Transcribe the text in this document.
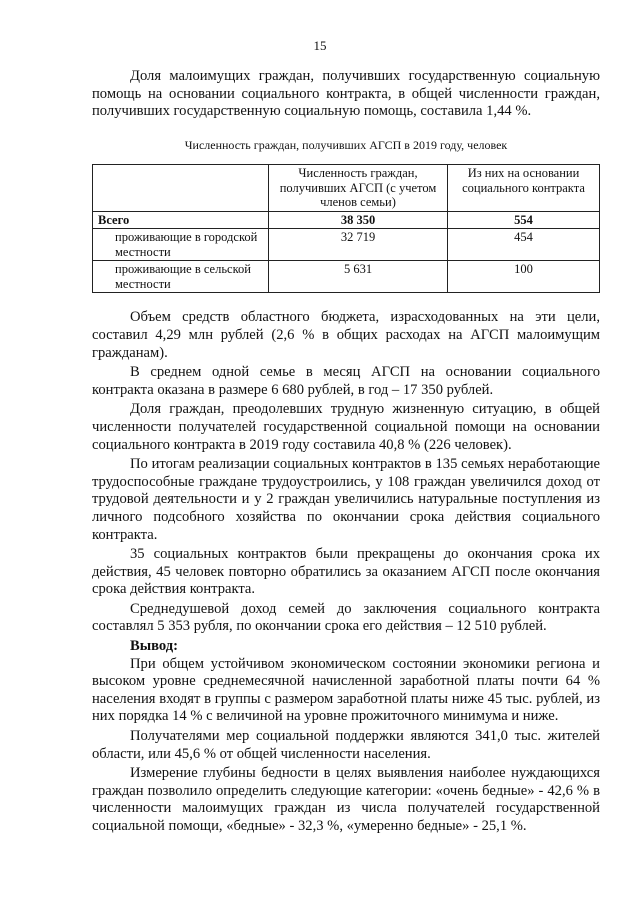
15

Доля малоимущих граждан, получивших государственную социальную помощь на основании социального контракта, в общей численности граждан, получивших государственную социальную помощь, составила 1,44 %.

Численность граждан, получивших АГСП в 2019 году, человек
	Численность граждан, получивших АГСП (с учетом членов семьи)	Из них на основании социального контракта
Всего	38 350	554
проживающие в городской местности	32 719	454
проживающие в сельской местности	5 631	100

Объем средств областного бюджета, израсходованных на эти цели, составил 4,29 млн рублей (2,6 % в общих расходах на АГСП малоимущим гражданам).

В среднем одной семье в месяц АГСП на основании социального контракта оказана в размере 6 680 рублей, в год – 17 350 рублей.

Доля граждан, преодолевших трудную жизненную ситуацию, в общей численности получателей государственной социальной помощи на основании социального контракта в 2019 году составила 40,8 % (226 человек).

По итогам реализации социальных контрактов в 135 семьях неработающие трудоспособные граждане трудоустроились, у 108 граждан увеличился доход от трудовой деятельности и у 2 граждан увеличились натуральные поступления из личного подсобного хозяйства по окончании срока действия социального контракта.

35 социальных контрактов были прекращены до окончания срока их действия, 45 человек повторно обратились за оказанием АГСП после окончания срока действия контракта.

Среднедушевой доход семей до заключения социального контракта составлял 5 353 рубля, по окончании срока его действия – 12 510 рублей.

Вывод:

При общем устойчивом экономическом состоянии экономики региона и высоком уровне среднемесячной начисленной заработной платы почти 64 % населения входят в группы с размером заработной платы ниже 45 тыс. рублей, из них порядка 14 % с величиной на уровне прожиточного минимума и ниже.

Получателями мер социальной поддержки являются 341,0 тыс. жителей области, или 45,6 % от общей численности населения.

Измерение глубины бедности в целях выявления наиболее нуждающихся граждан позволило определить следующие категории: «очень бедные» - 42,6 % в численности малоимущих граждан из числа получателей государственной социальной помощи, «бедные» - 32,3 %, «умеренно бедные» - 25,1 %.
